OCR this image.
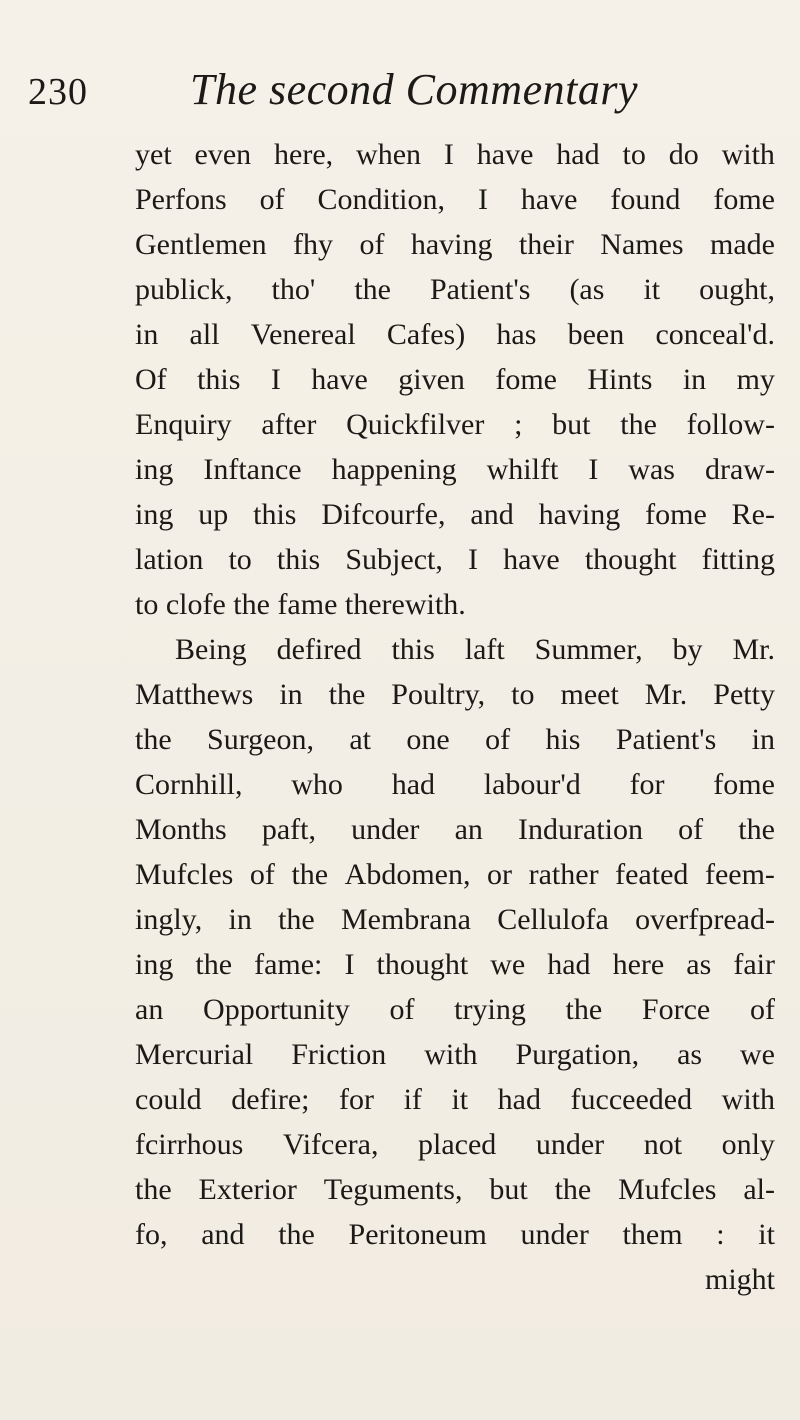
230 The second Commentary
yet even here, when I have had to do with
Perfons of Condition, I have found fome
Gentlemen fhy of having their Names made
publick, tho' the Patient's (as it ought,
in all Venereal Cafes) has been conceal'd.
Of this I have given fome Hints in my
Enquiry after Quickfilver ; but the follow-
ing Inftance happening whilft I was draw-
ing up this Difcourfe, and having fome Re-
lation to this Subject, I have thought fitting
to clofe the fame therewith.
Being defired this laft Summer, by Mr.
Matthews in the Poultry, to meet Mr. Petty
the Surgeon, at one of his Patient's in
Cornhill, who had labour'd for fome
Months paft, under an Induration of the
Mufcles of the Abdomen, or rather feated feem-
ingly, in the Membrana Cellulofa overfpread-
ing the fame: I thought we had here as fair
an Opportunity of trying the Force of
Mercurial Friction with Purgation, as we
could defire; for if it had fucceeded with
fcirrhous Vifcera, placed under not only
the Exterior Teguments, but the Mufcles al-
fo, and the Peritoneum under them : it
might
